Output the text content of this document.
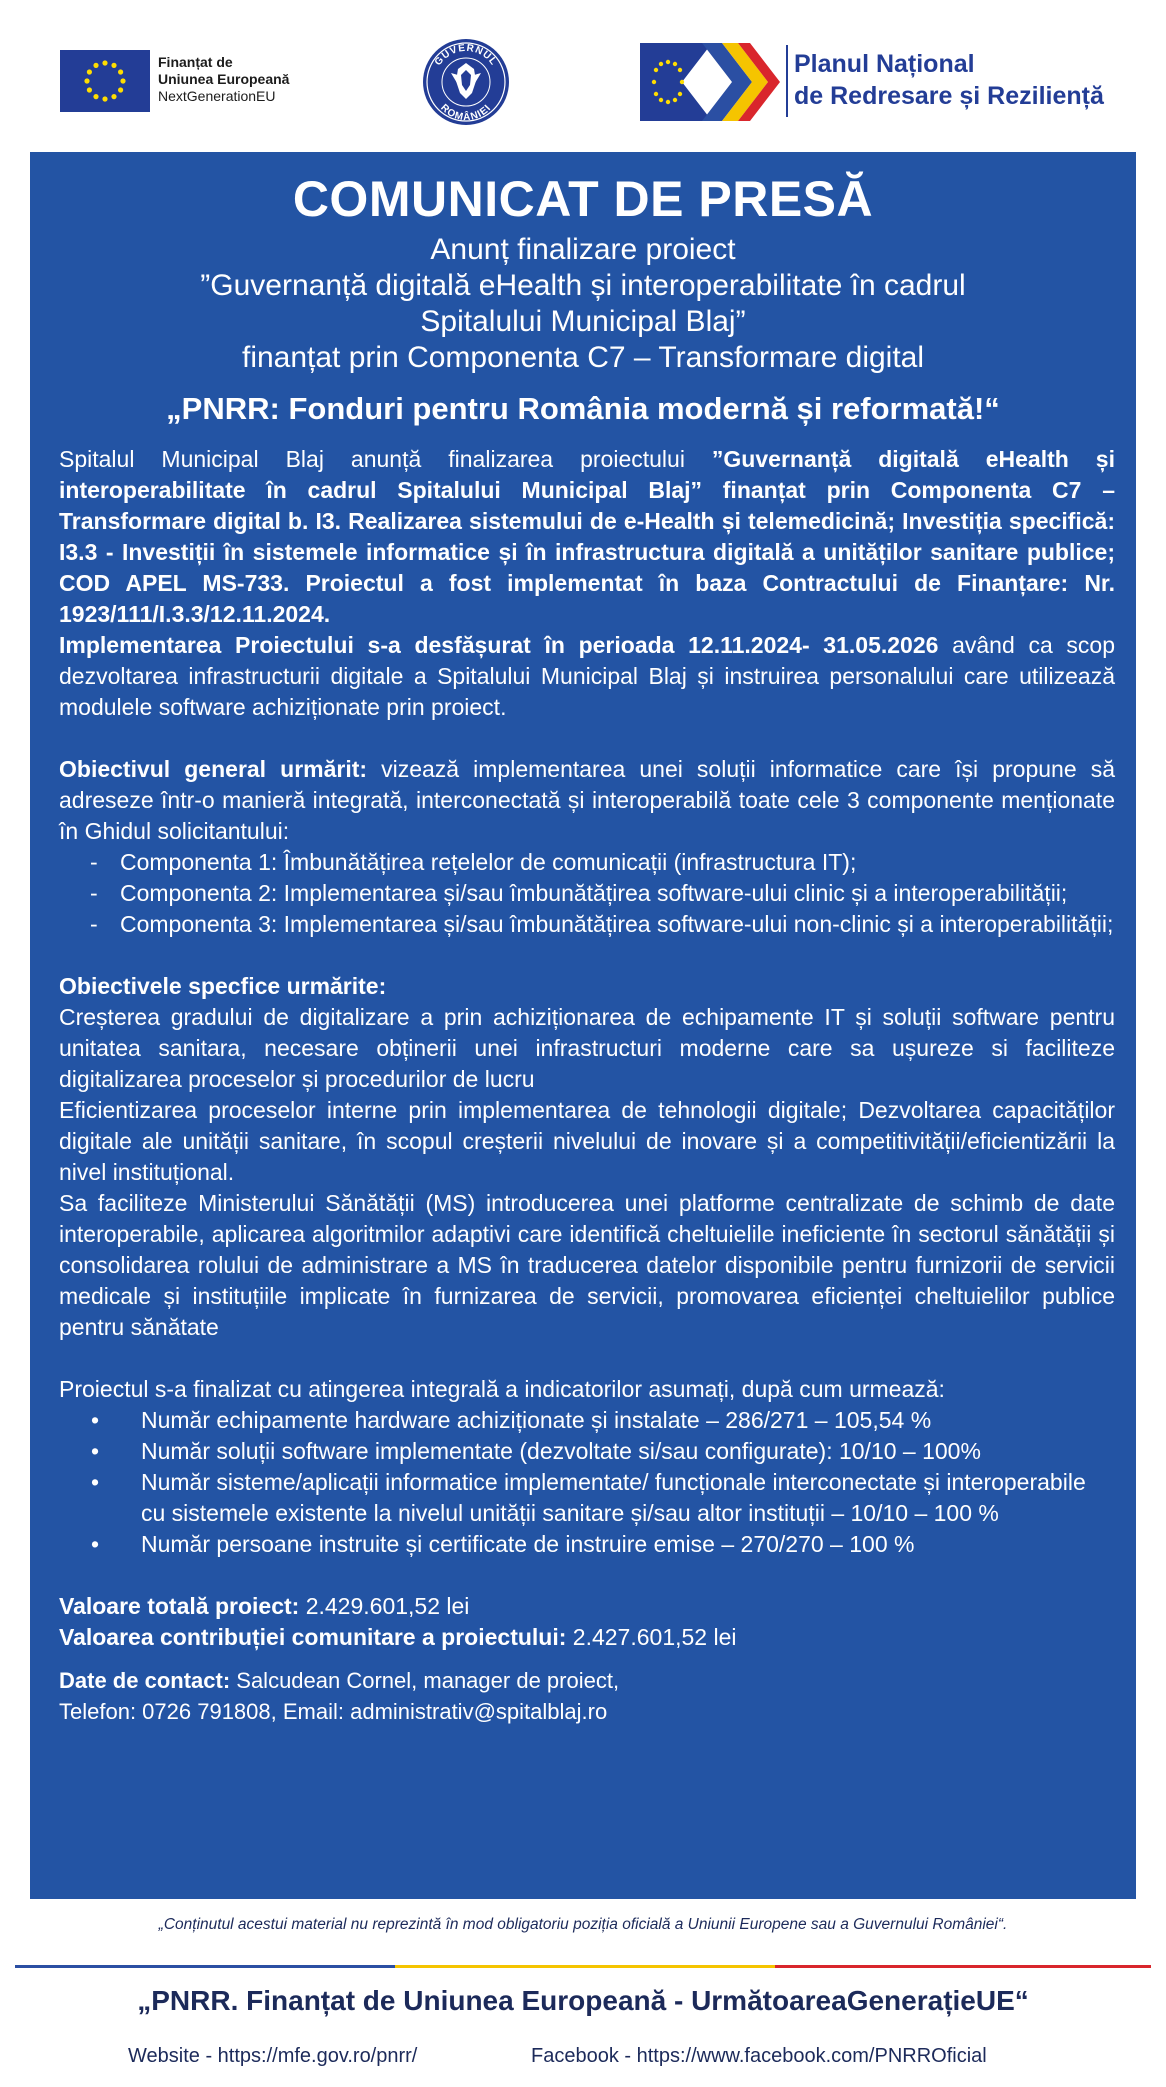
Finanțat de
Uniunea Europeană
NextGenerationEU
GUVERNUL
ROMÂNIEI
Planul Național
de Redresare și Reziliență
COMUNICAT DE PRESĂ
Anunț finalizare proiect
”Guvernanță digitală eHealth și interoperabilitate în cadrul
Spitalului Municipal Blaj”
finanțat prin Componenta C7 – Transformare digital
„PNRR: Fonduri pentru România modernă și reformată!“

Spitalul Municipal Blaj anunță finalizarea proiectului ”Guvernanță digitală eHealth și interoperabilitate în cadrul Spitalului Municipal Blaj” finanțat prin Componenta C7 – Transformare digital b. I3. Realizarea sistemului de e-Health și telemedicină; Investiția specifică: I3.3 - Investiții în sistemele informatice și în infrastructura digitală a unităților sanitare publice; COD APEL MS-733. Proiectul a fost implementat în baza Contractului de Finanțare: Nr. 1923/111/I.3.3/12.11.2024.

Implementarea Proiectului s-a desfășurat în perioada 12.11.2024- 31.05.2026 având ca scop dezvoltarea infrastructurii digitale a Spitalului Municipal Blaj și instruirea personalului care utilizează modulele software achiziționate prin proiect.

Obiectivul general urmărit: vizează implementarea unei soluții informatice care își propune să adreseze într-o manieră integrată, interconectată și interoperabilă toate cele 3 componente menționate în Ghidul solicitantului:

- Componenta 1: Îmbunătățirea rețelelor de comunicații (infrastructura IT);
- Componenta 2: Implementarea și/sau îmbunătățirea software-ului clinic și a interoperabilității;
- Componenta 3: Implementarea și/sau îmbunătățirea software-ului non-clinic și a interoperabilității;

Obiectivele specfice urmărite:

Creșterea gradului de digitalizare a prin achiziționarea de echipamente IT și soluții software pentru unitatea sanitara, necesare obținerii unei infrastructuri moderne care sa ușureze si faciliteze digitalizarea proceselor și procedurilor de lucru

Eficientizarea proceselor interne prin implementarea de tehnologii digitale; Dezvoltarea capacităților digitale ale unității sanitare, în scopul creșterii nivelului de inovare și a competitivității/eficientizării la nivel instituțional.

Sa faciliteze Ministerului Sănătății (MS) introducerea unei platforme centralizate de schimb de date interoperabile, aplicarea algoritmilor adaptivi care identifică cheltuielile ineficiente în sectorul sănătății și consolidarea rolului de administrare a MS în traducerea datelor disponibile pentru furnizorii de servicii medicale și instituțiile implicate în furnizarea de servicii, promovarea eficienței cheltuielilor publice pentru sănătate

Proiectul s-a finalizat cu atingerea integrală a indicatorilor asumați, după cum urmează:

• Număr echipamente hardware achiziționate și instalate – 286/271 – 105,54 %
• Număr soluții software implementate (dezvoltate si/sau configurate): 10/10 – 100%
• Număr sisteme/aplicații informatice implementate/ funcționale interconectate și interoperabile cu sistemele existente la nivelul unității sanitare și/sau altor instituții – 10/10 – 100 %
• Număr persoane instruite și certificate de instruire emise – 270/270 – 100 %

Valoare totală proiect: 2.429.601,52 lei

Valoarea contribuției comunitare a proiectului: 2.427.601,52 lei

Date de contact: Salcudean Cornel, manager de proiect,

Telefon: 0726 791808, Email: administrativ@spitalblaj.ro

„Conținutul acestui material nu reprezintă în mod obligatoriu poziția oficială a Uniunii Europene sau a Guvernului României“.
„PNRR. Finanțat de Uniunea Europeană - UrmătoareaGenerațieUE“
Website - https://mfe.gov.ro/pnrr/	Facebook - https://www.facebook.com/PNRROficial
